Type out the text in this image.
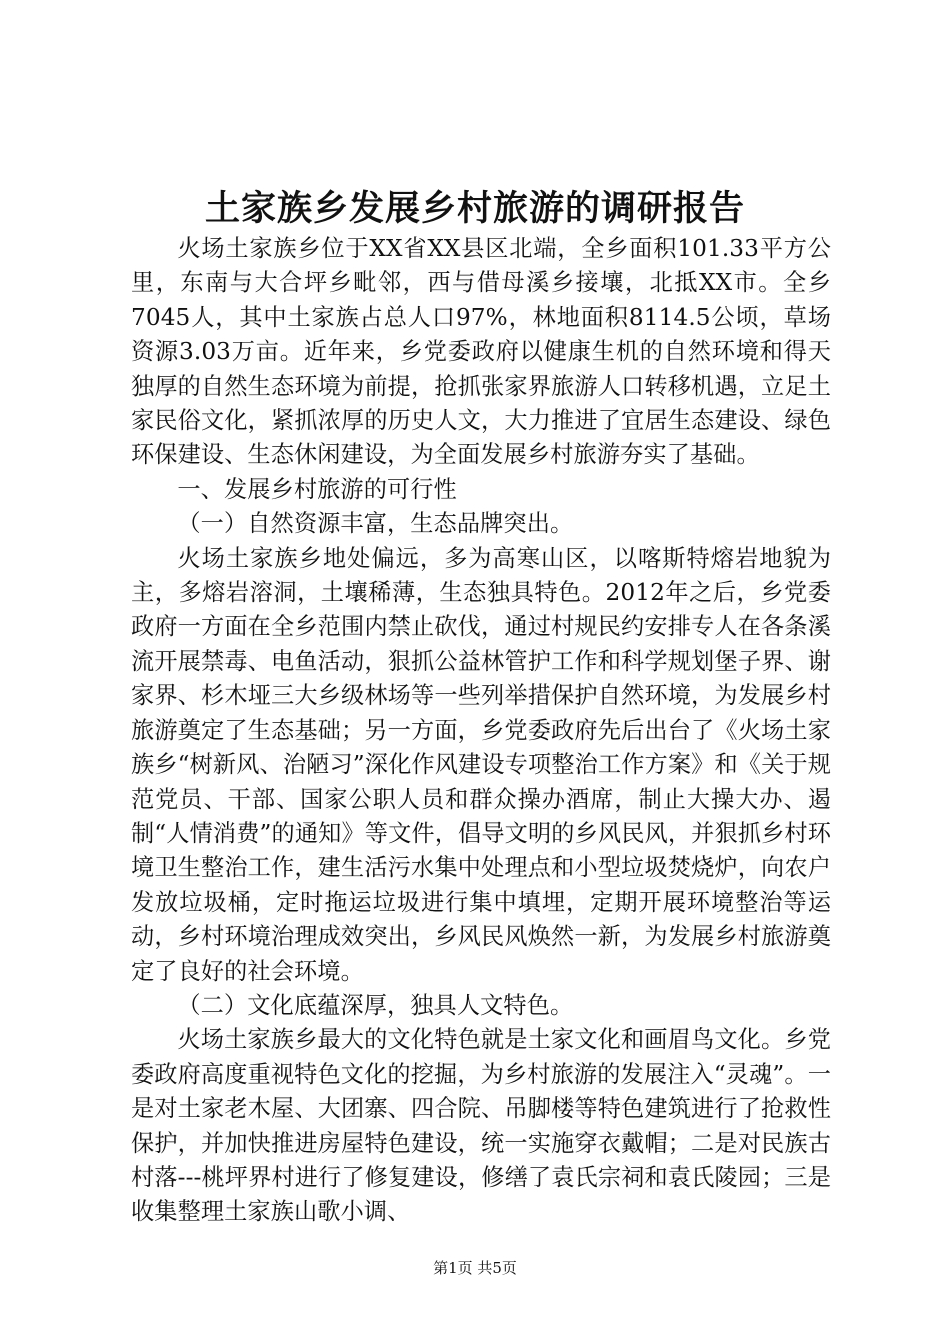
土家族乡发展乡村旅游的调研报告

火场土家族乡位于XX省XX县区北端，全乡面积101.33平方公里，东南与大合坪乡毗邻，西与借母溪乡接壤，北抵XX市。全乡7045人，其中土家族占总人口97%，林地面积8114.5公顷，草场资源3.03万亩。近年来，乡党委政府以健康生机的自然环境和得天独厚的自然生态环境为前提，抢抓张家界旅游人口转移机遇，立足土家民俗文化，紧抓浓厚的历史人文，大力推进了宜居生态建设、绿色环保建设、生态休闲建设，为全面发展乡村旅游夯实了基础。

一、发展乡村旅游的可行性

（一）自然资源丰富，生态品牌突出。

火场土家族乡地处偏远，多为高寒山区，以喀斯特熔岩地貌为主，多熔岩溶洞，土壤稀薄，生态独具特色。2012年之后，乡党委政府一方面在全乡范围内禁止砍伐，通过村规民约安排专人在各条溪流开展禁毒、电鱼活动，狠抓公益林管护工作和科学规划堡子界、谢家界、杉木垭三大乡级林场等一些列举措保护自然环境，为发展乡村旅游奠定了生态基础；另一方面，乡党委政府先后出台了《火场土家族乡“树新风、治陋习”深化作风建设专项整治工作方案》和《关于规范党员、干部、国家公职人员和群众操办酒席，制止大操大办、遏制“人情消费”的通知》等文件，倡导文明的乡风民风，并狠抓乡村环境卫生整治工作，建生活污水集中处理点和小型垃圾焚烧炉，向农户发放垃圾桶，定时拖运垃圾进行集中填埋，定期开展环境整治等运动，乡村环境治理成效突出，乡风民风焕然一新，为发展乡村旅游奠定了良好的社会环境。

（二）文化底蕴深厚，独具人文特色。

火场土家族乡最大的文化特色就是土家文化和画眉鸟文化。乡党委政府高度重视特色文化的挖掘，为乡村旅游的发展注入“灵魂”。一是对土家老木屋、大团寨、四合院、吊脚楼等特色建筑进行了抢救性保护，并加快推进房屋特色建设，统一实施穿衣戴帽；二是对民族古村落---桃坪界村进行了修复建设，修缮了袁氏宗祠和袁氏陵园；三是收集整理土家族山歌小调、

第1页 共5页
